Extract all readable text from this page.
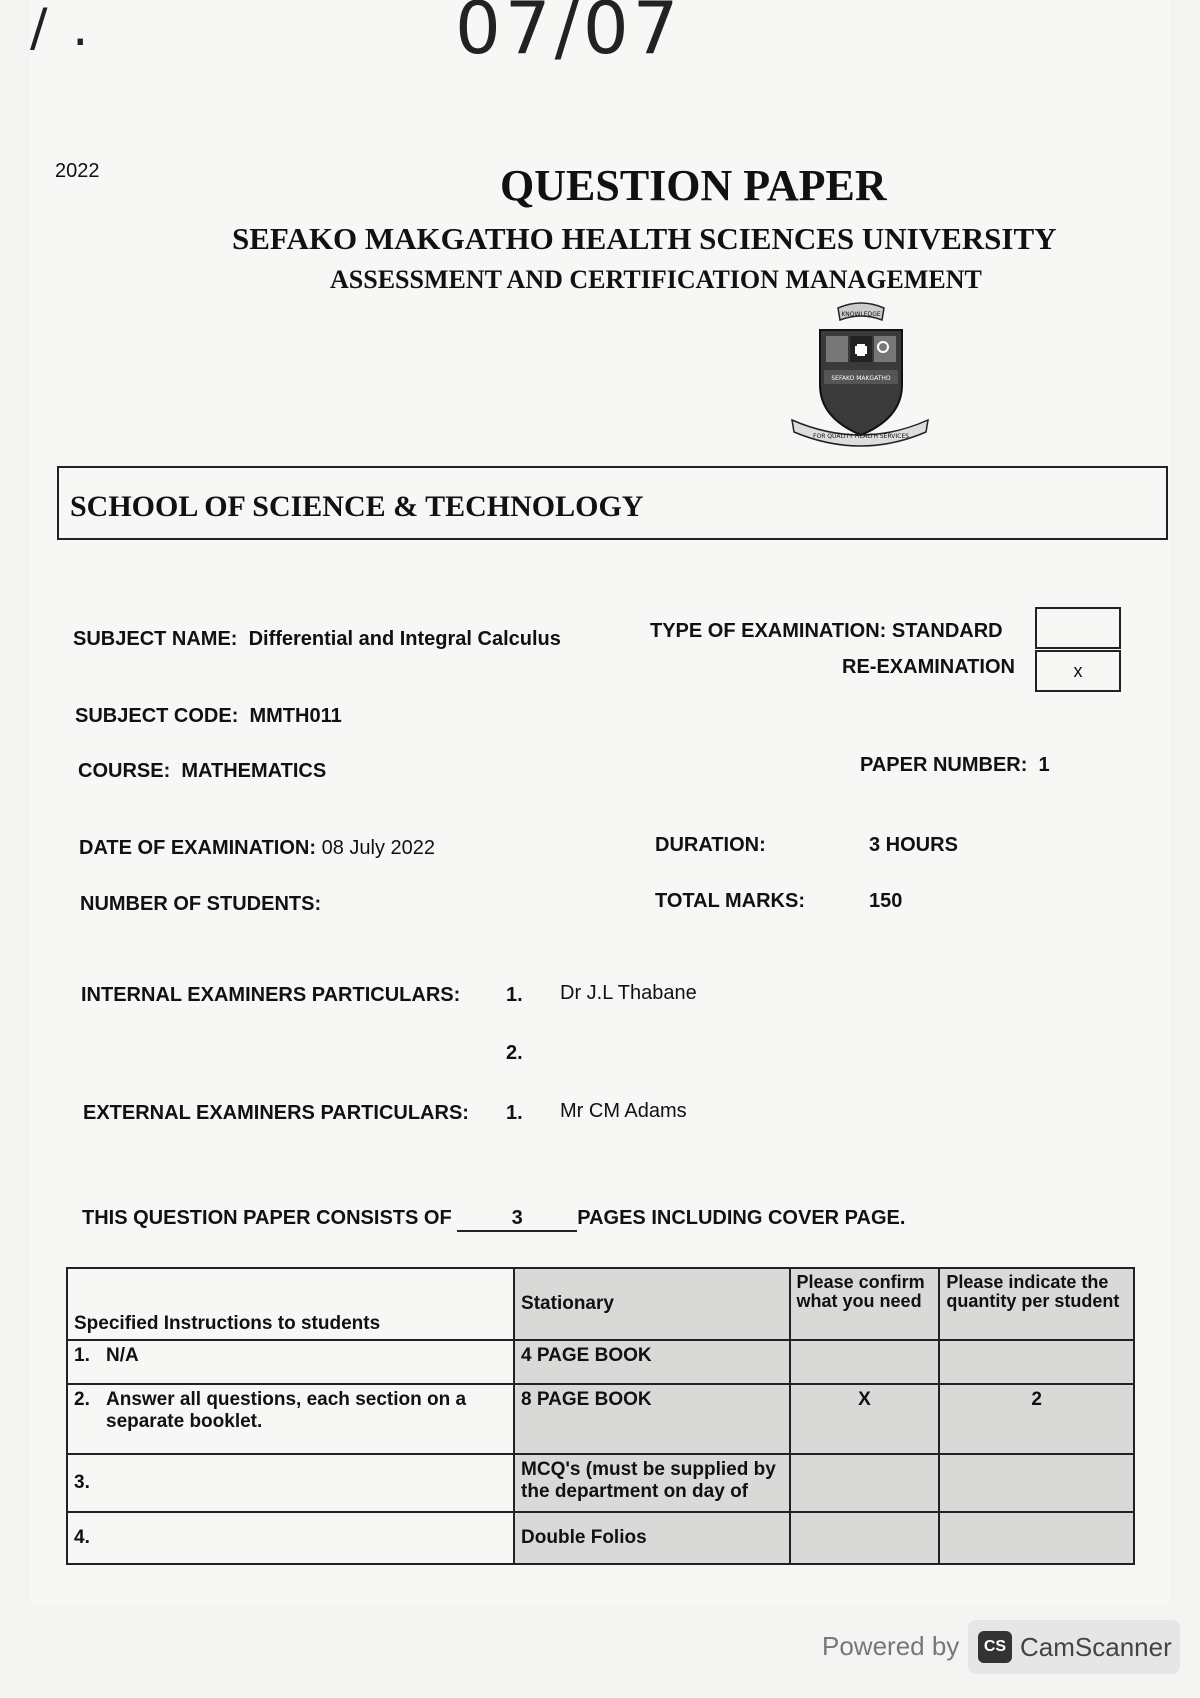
/ .	07/07
2022	QUESTION PAPER
SEFAKO MAKGATHO HEALTH SCIENCES UNIVERSITY
ASSESSMENT AND CERTIFICATION MANAGEMENT
KNOWLEDGE
SEFAKO MAKGATHO
FOR QUALITY HEALTH SERVICES
SCHOOL OF SCIENCE & TECHNOLOGY
SUBJECT NAME: Differential and Integral Calculus	TYPE OF EXAMINATION: STANDARD
RE-EXAMINATION	x
SUBJECT CODE: MMTH011
COURSE: MATHEMATICS	PAPER NUMBER: 1
DATE OF EXAMINATION: 08 July 2022	DURATION:	3 HOURS
NUMBER OF STUDENTS:	TOTAL MARKS:	150
INTERNAL EXAMINERS PARTICULARS: 1. Dr J.L Thabane
2.
EXTERNAL EXAMINERS PARTICULARS: 1. Mr CM Adams
THIS QUESTION PAPER CONSISTS OF	3	PAGES INCLUDING COVER PAGE.
Specified Instructions to students	Stationary	Please confirm what you need	Please indicate the quantity per student
1. N/A	4 PAGE BOOK		

2. Answer all questions, each section on a separate booklet.	8 PAGE BOOK	X	2
3.	MCQ's (must be supplied by the department on day of		
4.	Double Folios		
Powered by	CS CamScanner
